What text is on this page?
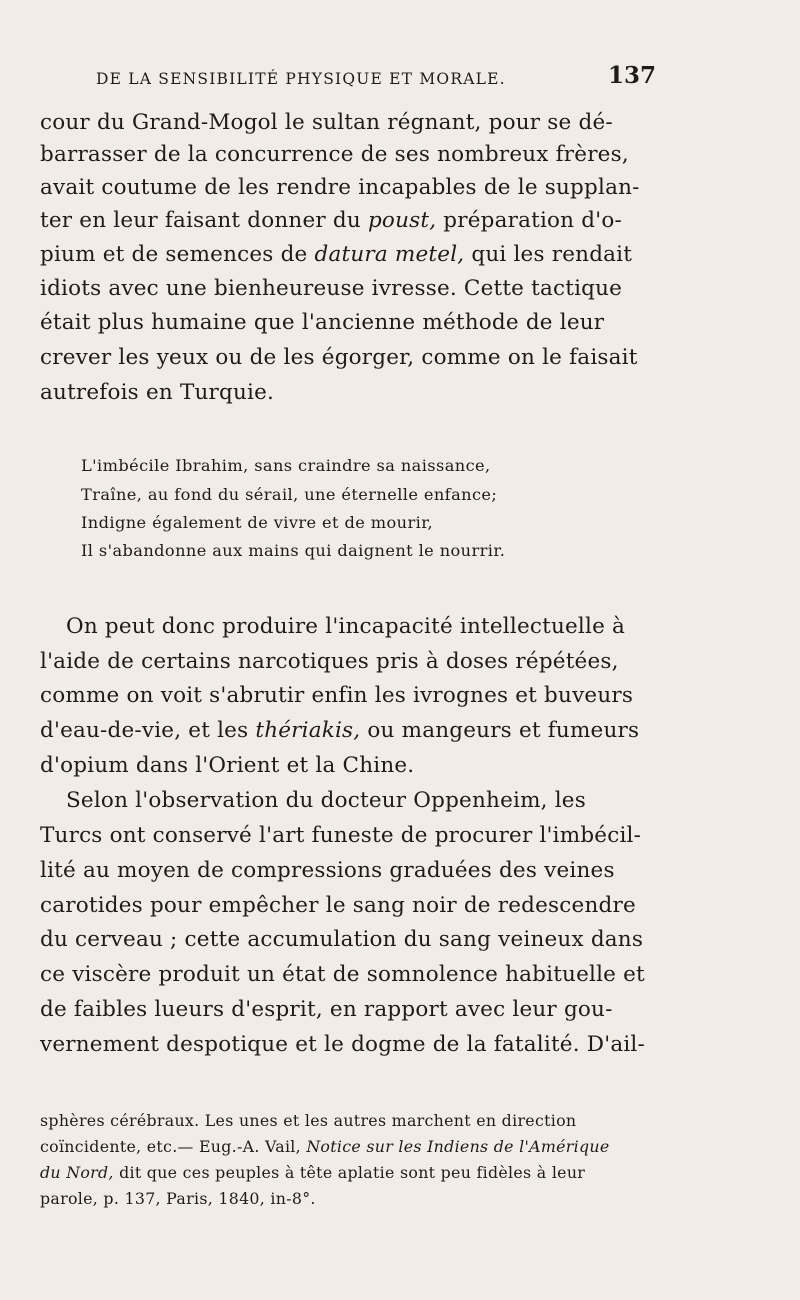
DE LA SENSIBILITÉ PHYSIQUE ET MORALE.	137
cour du Grand-Mogol le sultan régnant, pour se dé-
barrasser de la concurrence de ses nombreux frères,
avait coutume de les rendre incapables de le supplan-
ter en leur faisant donner du poust, préparation d'o-
pium et de semences de datura metel, qui les rendait
idiots avec une bienheureuse ivresse. Cette tactique
était plus humaine que l'ancienne méthode de leur
crever les yeux ou de les égorger, comme on le faisait
autrefois en Turquie.
L'imbécile Ibrahim, sans craindre sa naissance,
Traîne, au fond du sérail, une éternelle enfance;
Indigne également de vivre et de mourir,
Il s'abandonne aux mains qui daignent le nourrir.
On peut donc produire l'incapacité intellectuelle à
l'aide de certains narcotiques pris à doses répétées,
comme on voit s'abrutir enfin les ivrognes et buveurs
d'eau-de-vie, et les thériakis, ou mangeurs et fumeurs
d'opium dans l'Orient et la Chine.
Selon l'observation du docteur Oppenheim, les
Turcs ont conservé l'art funeste de procurer l'imbécil-
lité au moyen de compressions graduées des veines
carotides pour empêcher le sang noir de redescendre
du cerveau ; cette accumulation du sang veineux dans
ce viscère produit un état de somnolence habituelle et
de faibles lueurs d'esprit, en rapport avec leur gou-
vernement despotique et le dogme de la fatalité. D'ail-
sphères cérébraux. Les unes et les autres marchent en direction
coïncidente, etc.— Eug.-A. Vail, Notice sur les Indiens de l'Amérique
du Nord, dit que ces peuples à tête aplatie sont peu fidèles à leur
parole, p. 137, Paris, 1840, in-8°.
